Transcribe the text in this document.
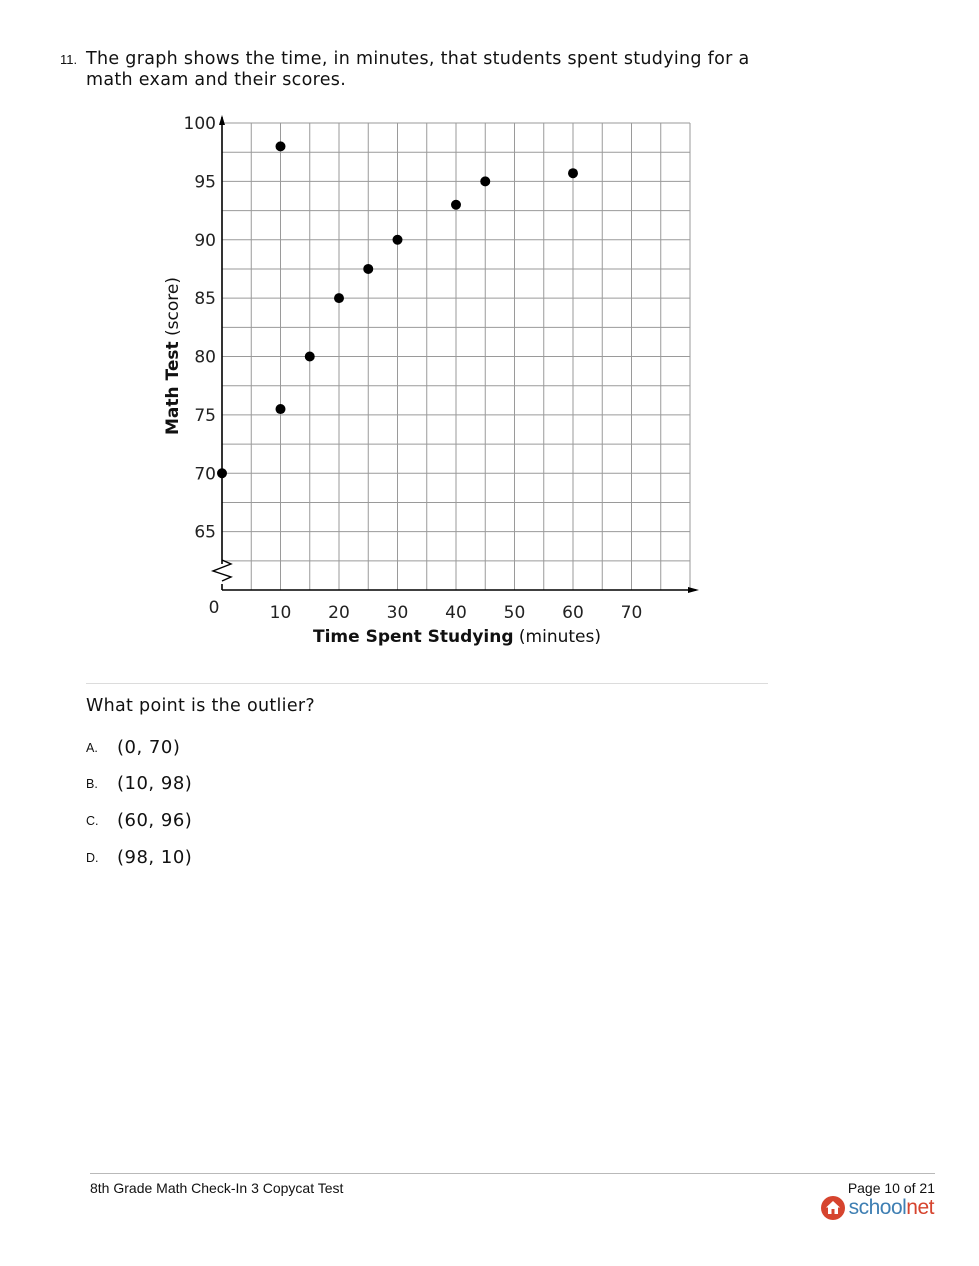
11. The graph shows the time, in minutes, that students spent studying for a math exam and their scores.
10 20 30 40 50 60 70
0
65
70
75
80
85
90
95
100
Math Test (score)
Time Spent Studying (minutes)
What point is the outlier?
A. (0, 70)
B. (10, 98)
C. (60, 96)
D. (98, 10)
8th Grade Math Check-In 3 Copycat Test	Page 10 of 21
schoolnet
